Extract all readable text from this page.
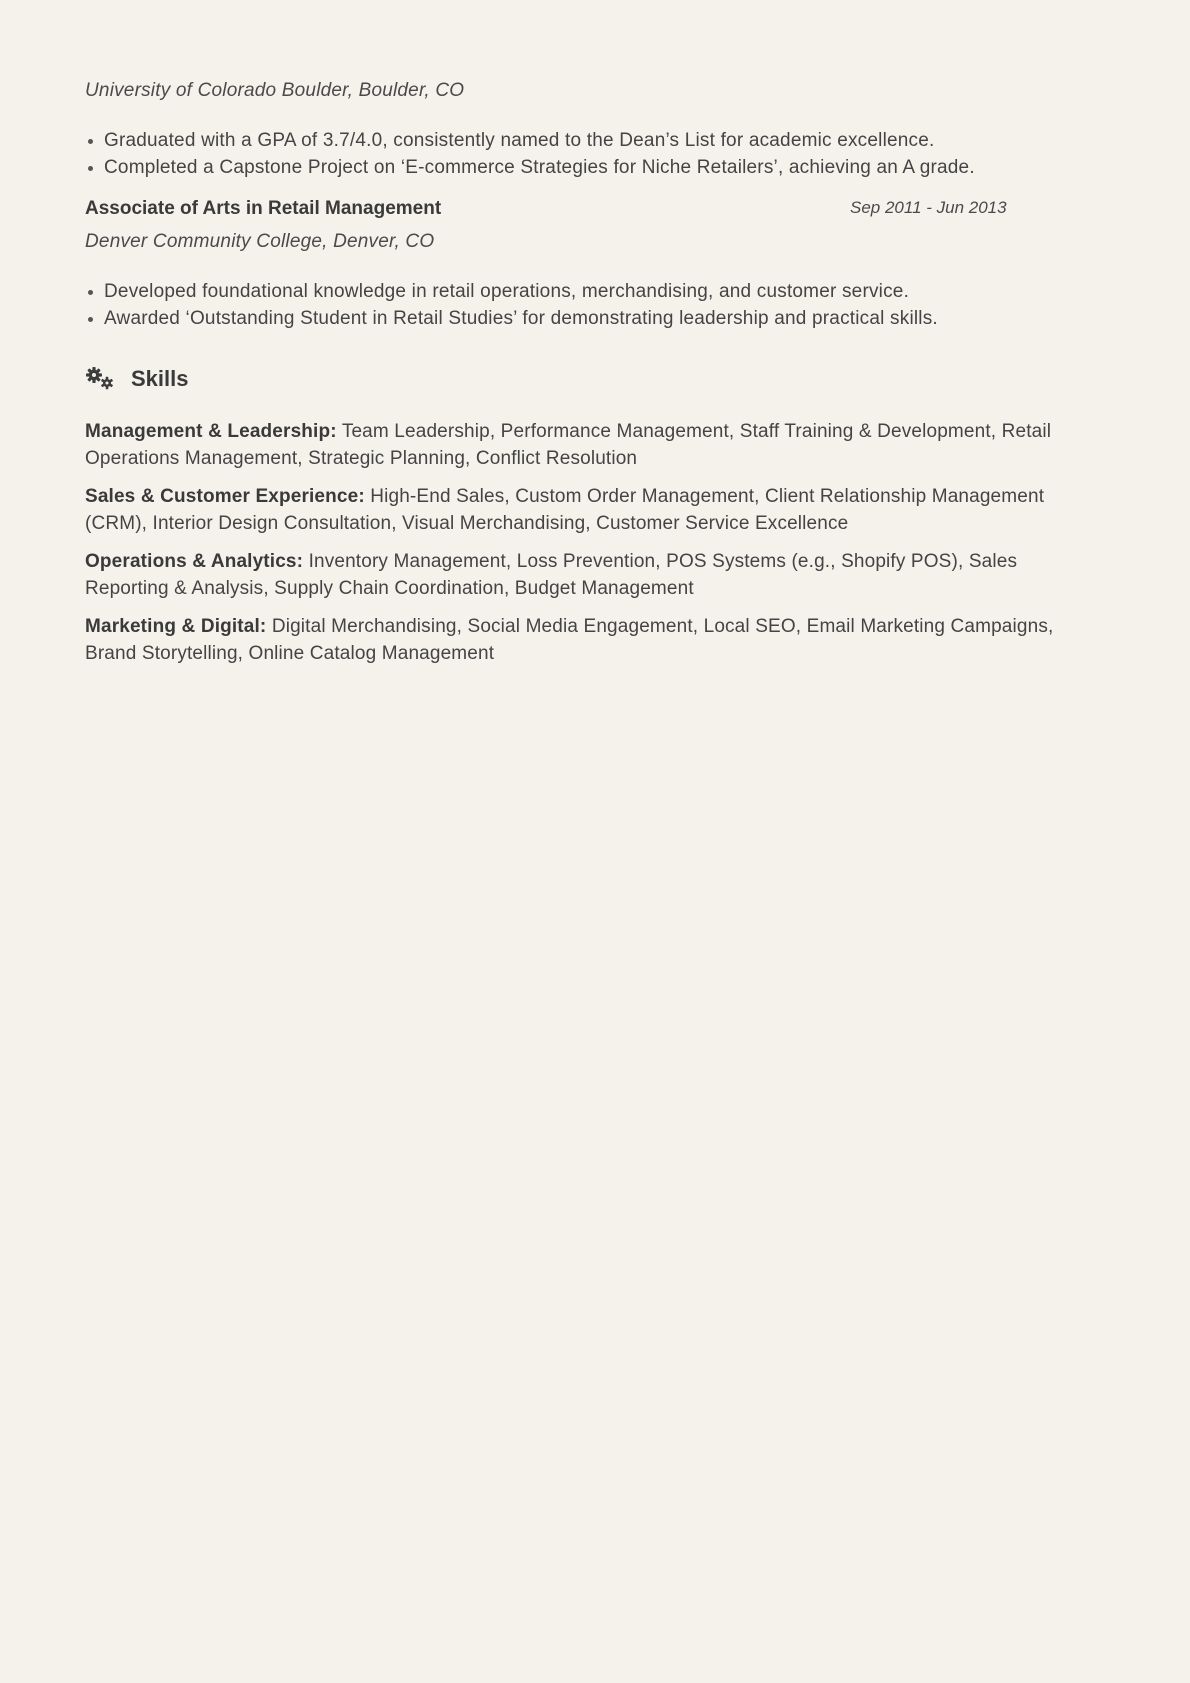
University of Colorado Boulder, Boulder, CO

Graduated with a GPA of 3.7/4.0, consistently named to the Dean’s List for academic excellence.
Completed a Capstone Project on ‘E-commerce Strategies for Niche Retailers’, achieving an A grade.
Associate of Arts in Retail Management	Sep 2011 - Jun 2013

Denver Community College, Denver, CO

Developed foundational knowledge in retail operations, merchandising, and customer service.
Awarded ‘Outstanding Student in Retail Studies’ for demonstrating leadership and practical skills.
Skills

Management & Leadership: Team Leadership, Performance Management, Staff Training & Development, Retail Operations Management, Strategic Planning, Conflict Resolution

Sales & Customer Experience: High-End Sales, Custom Order Management, Client Relationship Management (CRM), Interior Design Consultation, Visual Merchandising, Customer Service Excellence

Operations & Analytics: Inventory Management, Loss Prevention, POS Systems (e.g., Shopify POS), Sales Reporting & Analysis, Supply Chain Coordination, Budget Management

Marketing & Digital: Digital Merchandising, Social Media Engagement, Local SEO, Email Marketing Campaigns, Brand Storytelling, Online Catalog Management
